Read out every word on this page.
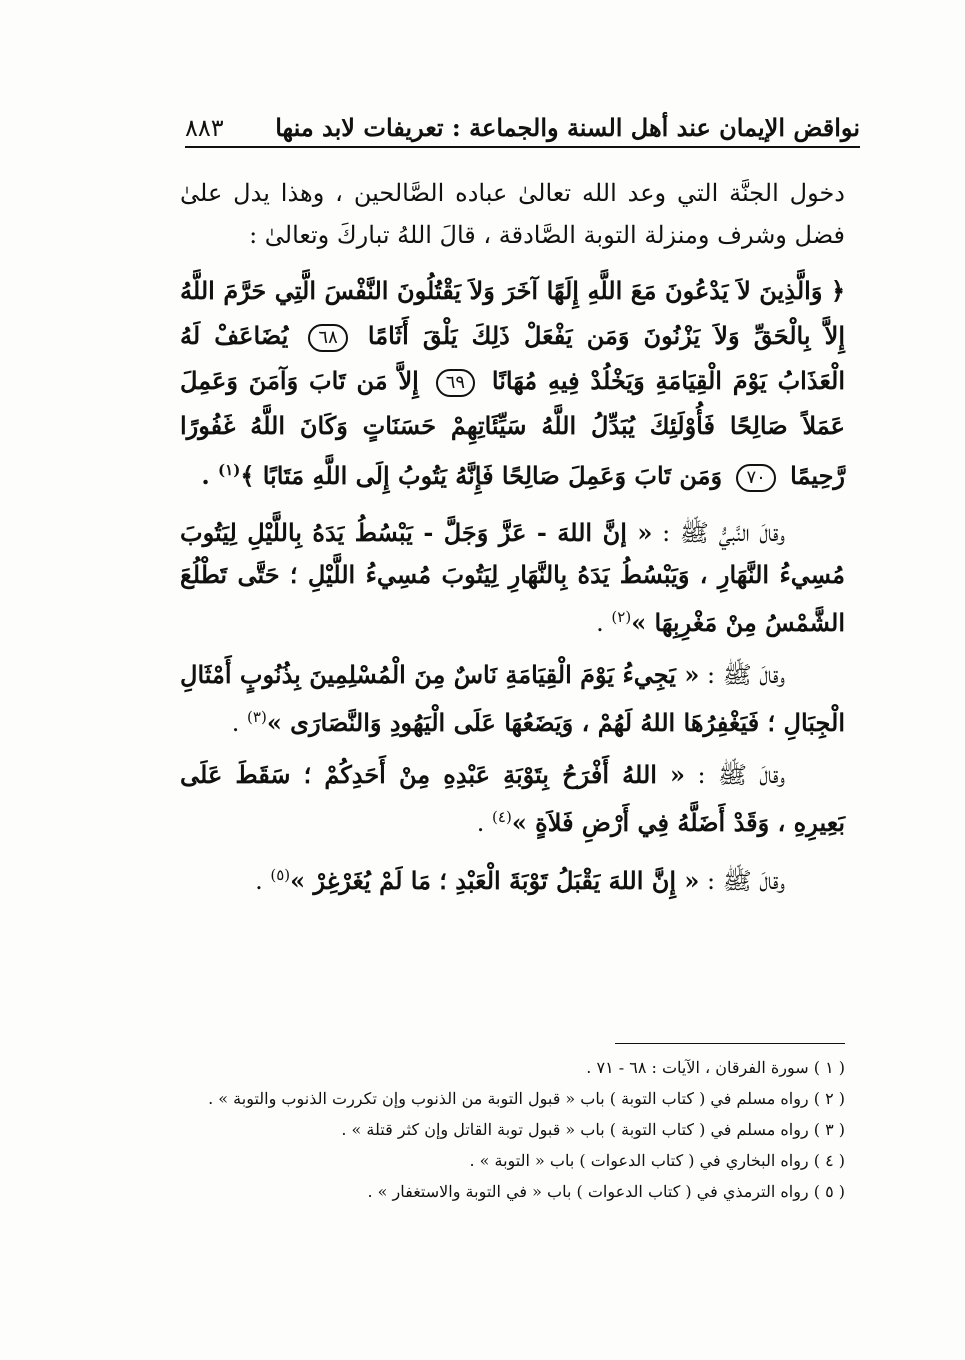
٨٨٣ نواقض الإيمان عند أهل السنة والجماعة : تعريفات لابد منها

دخول الجنَّة التي وعد الله تعالىٰ عباده الصَّالحين ، وهذا يدل علىٰ فضل وشرف ومنزلة التوبة الصَّادقة ، قالَ اللهُ تباركَ وتعالىٰ :

﴿ وَالَّذِينَ لاَ يَدْعُونَ مَعَ اللَّهِ إِلَهًا آخَرَ وَلاَ يَقْتُلُونَ النَّفْسَ الَّتِي حَرَّمَ اللَّهُ إِلاَّ بِالْحَقِّ وَلاَ يَزْنُونَ وَمَن يَفْعَلْ ذَلِكَ يَلْقَ أَثَامًا ٦٨ يُضَاعَفْ لَهُ الْعَذَابُ يَوْمَ الْقِيَامَةِ وَيَخْلُدْ فِيهِ مُهَانًا ٦٩ إِلاَّ مَن تَابَ وَآمَنَ وَعَمِلَ عَمَلاً صَالِحًا فَأُوْلَئِكَ يُبَدِّلُ اللَّهُ سَيِّئَاتِهِمْ حَسَنَاتٍ وَكَانَ اللَّهُ غَفُورًا رَّحِيمًا ٧٠ وَمَن تَابَ وَعَمِلَ صَالِحًا فَإِنَّهُ يَتُوبُ إِلَى اللَّهِ مَتَابًا ﴾$^{(١)}$ .

وقالَ النَّبيُّ ﷺ : « إنَّ اللهَ - عَزَّ وَجَلَّ - يَبْسُطُ يَدَهُ بِاللَّيْلِ لِيَتُوبَ مُسِيءُ النَّهَارِ ، وَيَبْسُطُ يَدَهُ بِالنَّهَارِ لِيَتُوبَ مُسِيءُ اللَّيْلِ ؛ حَتَّى تَطْلُعَ الشَّمْسُ مِنْ مَغْرِبِهَا »$^{(٢)}$ .

وقالَ ﷺ : « يَجِيءُ يَوْمَ الْقِيَامَةِ نَاسٌ مِنَ الْمُسْلِمِينَ بِذُنُوبٍ أَمْثَالِ الْجِبَالِ ؛ فَيَغْفِرُهَا اللهُ لَهُمْ ، وَيَضَعُهَا عَلَى الْيَهُودِ وَالنَّصَارَى »$^{(٣)}$ .

وقالَ ﷺ : « اللهُ أَفْرَحُ بِتَوْبَةِ عَبْدِهِ مِنْ أَحَدِكُمْ ؛ سَقَطَ عَلَى بَعِيرِهِ ، وَقَدْ أَضَلَّهُ فِي أَرْضِ فَلاَةٍ »$^{(٤)}$ .

وقالَ ﷺ : « إِنَّ اللهَ يَقْبَلُ تَوْبَةَ الْعَبْدِ ؛ مَا لَمْ يُغَرْغِرْ »$^{(٥)}$ .

( ١ ) سورة الفرقان ، الآيات : ٦٨ - ٧١ .

( ٢ ) رواه مسلم في ( كتاب التوبة ) باب « قبول التوبة من الذنوب وإن تكررت الذنوب والتوبة » .

( ٣ ) رواه مسلم في ( كتاب التوبة ) باب « قبول توبة القاتل وإن كثر قتلة » .

( ٤ ) رواه البخاري في ( كتاب الدعوات ) باب « التوبة » .

( ٥ ) رواه الترمذي في ( كتاب الدعوات ) باب « في التوبة والاستغفار » .
